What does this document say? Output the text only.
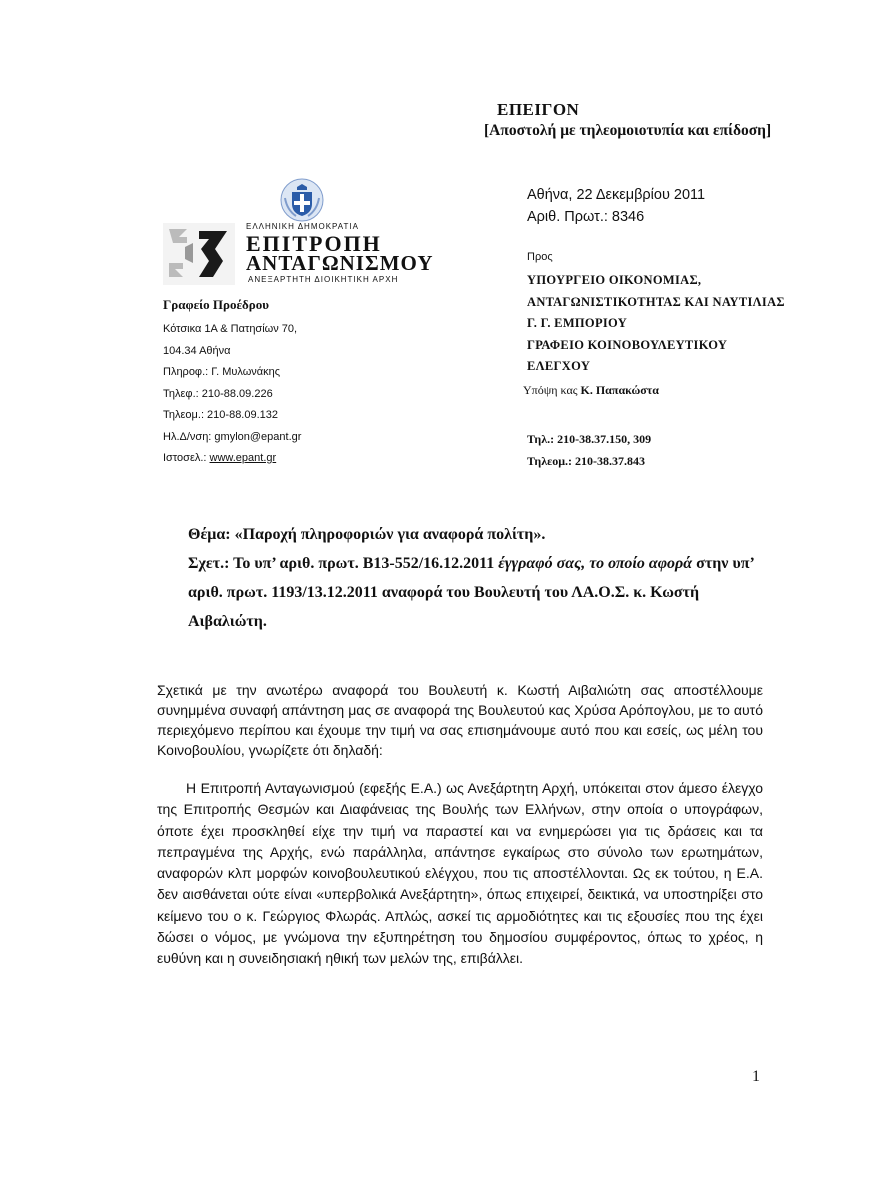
ΕΠΕΙΓΟΝ
[Αποστολή με τηλεομοιοτυπία και επίδοση]
ΕΛΛΗΝΙΚΗ ΔΗΜΟΚΡΑΤΙΑ
ΕΠΙΤΡΟΠΗ
ΑΝΤΑΓΩΝΙΣΜΟΥ
ΑΝΕΞΑΡΤΗΤΗ ΔΙΟΙΚΗΤΙΚΗ ΑΡΧΗ
Γραφείο Προέδρου
Κότσικα 1Α & Πατησίων 70,
104.34 Αθήνα
Πληροφ.: Γ. Μυλωνάκης
Τηλεφ.: 210-88.09.226
Τηλεομ.: 210-88.09.132
Ηλ.Δ/νση: gmylon@epant.gr
Ιστοσελ.: www.epant.gr
Αθήνα, 22 Δεκεμβρίου 2011
Αριθ. Πρωτ.: 8346
Προς
ΥΠΟΥΡΓΕΙΟ ΟΙΚΟΝΟΜΙΑΣ,
ΑΝΤΑΓΩΝΙΣΤΙΚΟΤΗΤΑΣ ΚΑΙ ΝΑΥΤΙΛΙΑΣ
Γ. Γ. ΕΜΠΟΡΙΟΥ
ΓΡΑΦΕΙΟ ΚΟΙΝΟΒΟΥΛΕΥΤΙΚΟΥ
ΕΛΕΓΧΟΥ
Υπόψη κας Κ. Παπακώστα
Τηλ.: 210-38.37.150, 309
Τηλεομ.: 210-38.37.843
Θέμα: «Παροχή πληροφοριών για αναφορά πολίτη».
Σχετ.: Το υπ’ αριθ. πρωτ. Β13-552/16.12.2011 έγγραφό σας, το οποίο αφορά στην υπ’ αριθ. πρωτ. 1193/13.12.2011 αναφορά του Βουλευτή του ΛΑ.Ο.Σ. κ. Κωστή Αιβαλιώτη.
Σχετικά με την ανωτέρω αναφορά του Βουλευτή κ. Κωστή Αιβαλιώτη σας αποστέλλουμε συνημμένα συναφή απάντηση μας σε αναφορά της Βουλευτού κας Χρύσα Αρόπογλου, με το αυτό περιεχόμενο περίπου και έχουμε την τιμή να σας επισημάνουμε αυτό που και εσείς, ως μέλη του Κοινοβουλίου, γνωρίζετε ότι δηλαδή:
Η Επιτροπή Ανταγωνισμού (εφεξής Ε.Α.) ως Ανεξάρτητη Αρχή, υπόκειται στον άμεσο έλεγχο της Επιτροπής Θεσμών και Διαφάνειας της Βουλής των Ελλήνων, στην οποία ο υπογράφων, όποτε έχει προσκληθεί είχε την τιμή να παραστεί και να ενημερώσει για τις δράσεις και τα πεπραγμένα της Αρχής, ενώ παράλληλα, απάντησε εγκαίρως στο σύνολο των ερωτημάτων, αναφορών κλπ μορφών κοινοβουλευτικού ελέγχου, που τις αποστέλλονται. Ως εκ τούτου, η Ε.Α. δεν αισθάνεται ούτε είναι «υπερβολικά Ανεξάρτητη», όπως επιχειρεί, δεικτικά, να υποστηρίξει στο κείμενο του ο κ. Γεώργιος Φλωράς. Απλώς, ασκεί τις αρμοδιότητες και τις εξουσίες που της έχει δώσει ο νόμος, με γνώμονα την εξυπηρέτηση του δημοσίου συμφέροντος, όπως το χρέος, η ευθύνη και η συνειδησιακή ηθική των μελών της, επιβάλλει.
1
